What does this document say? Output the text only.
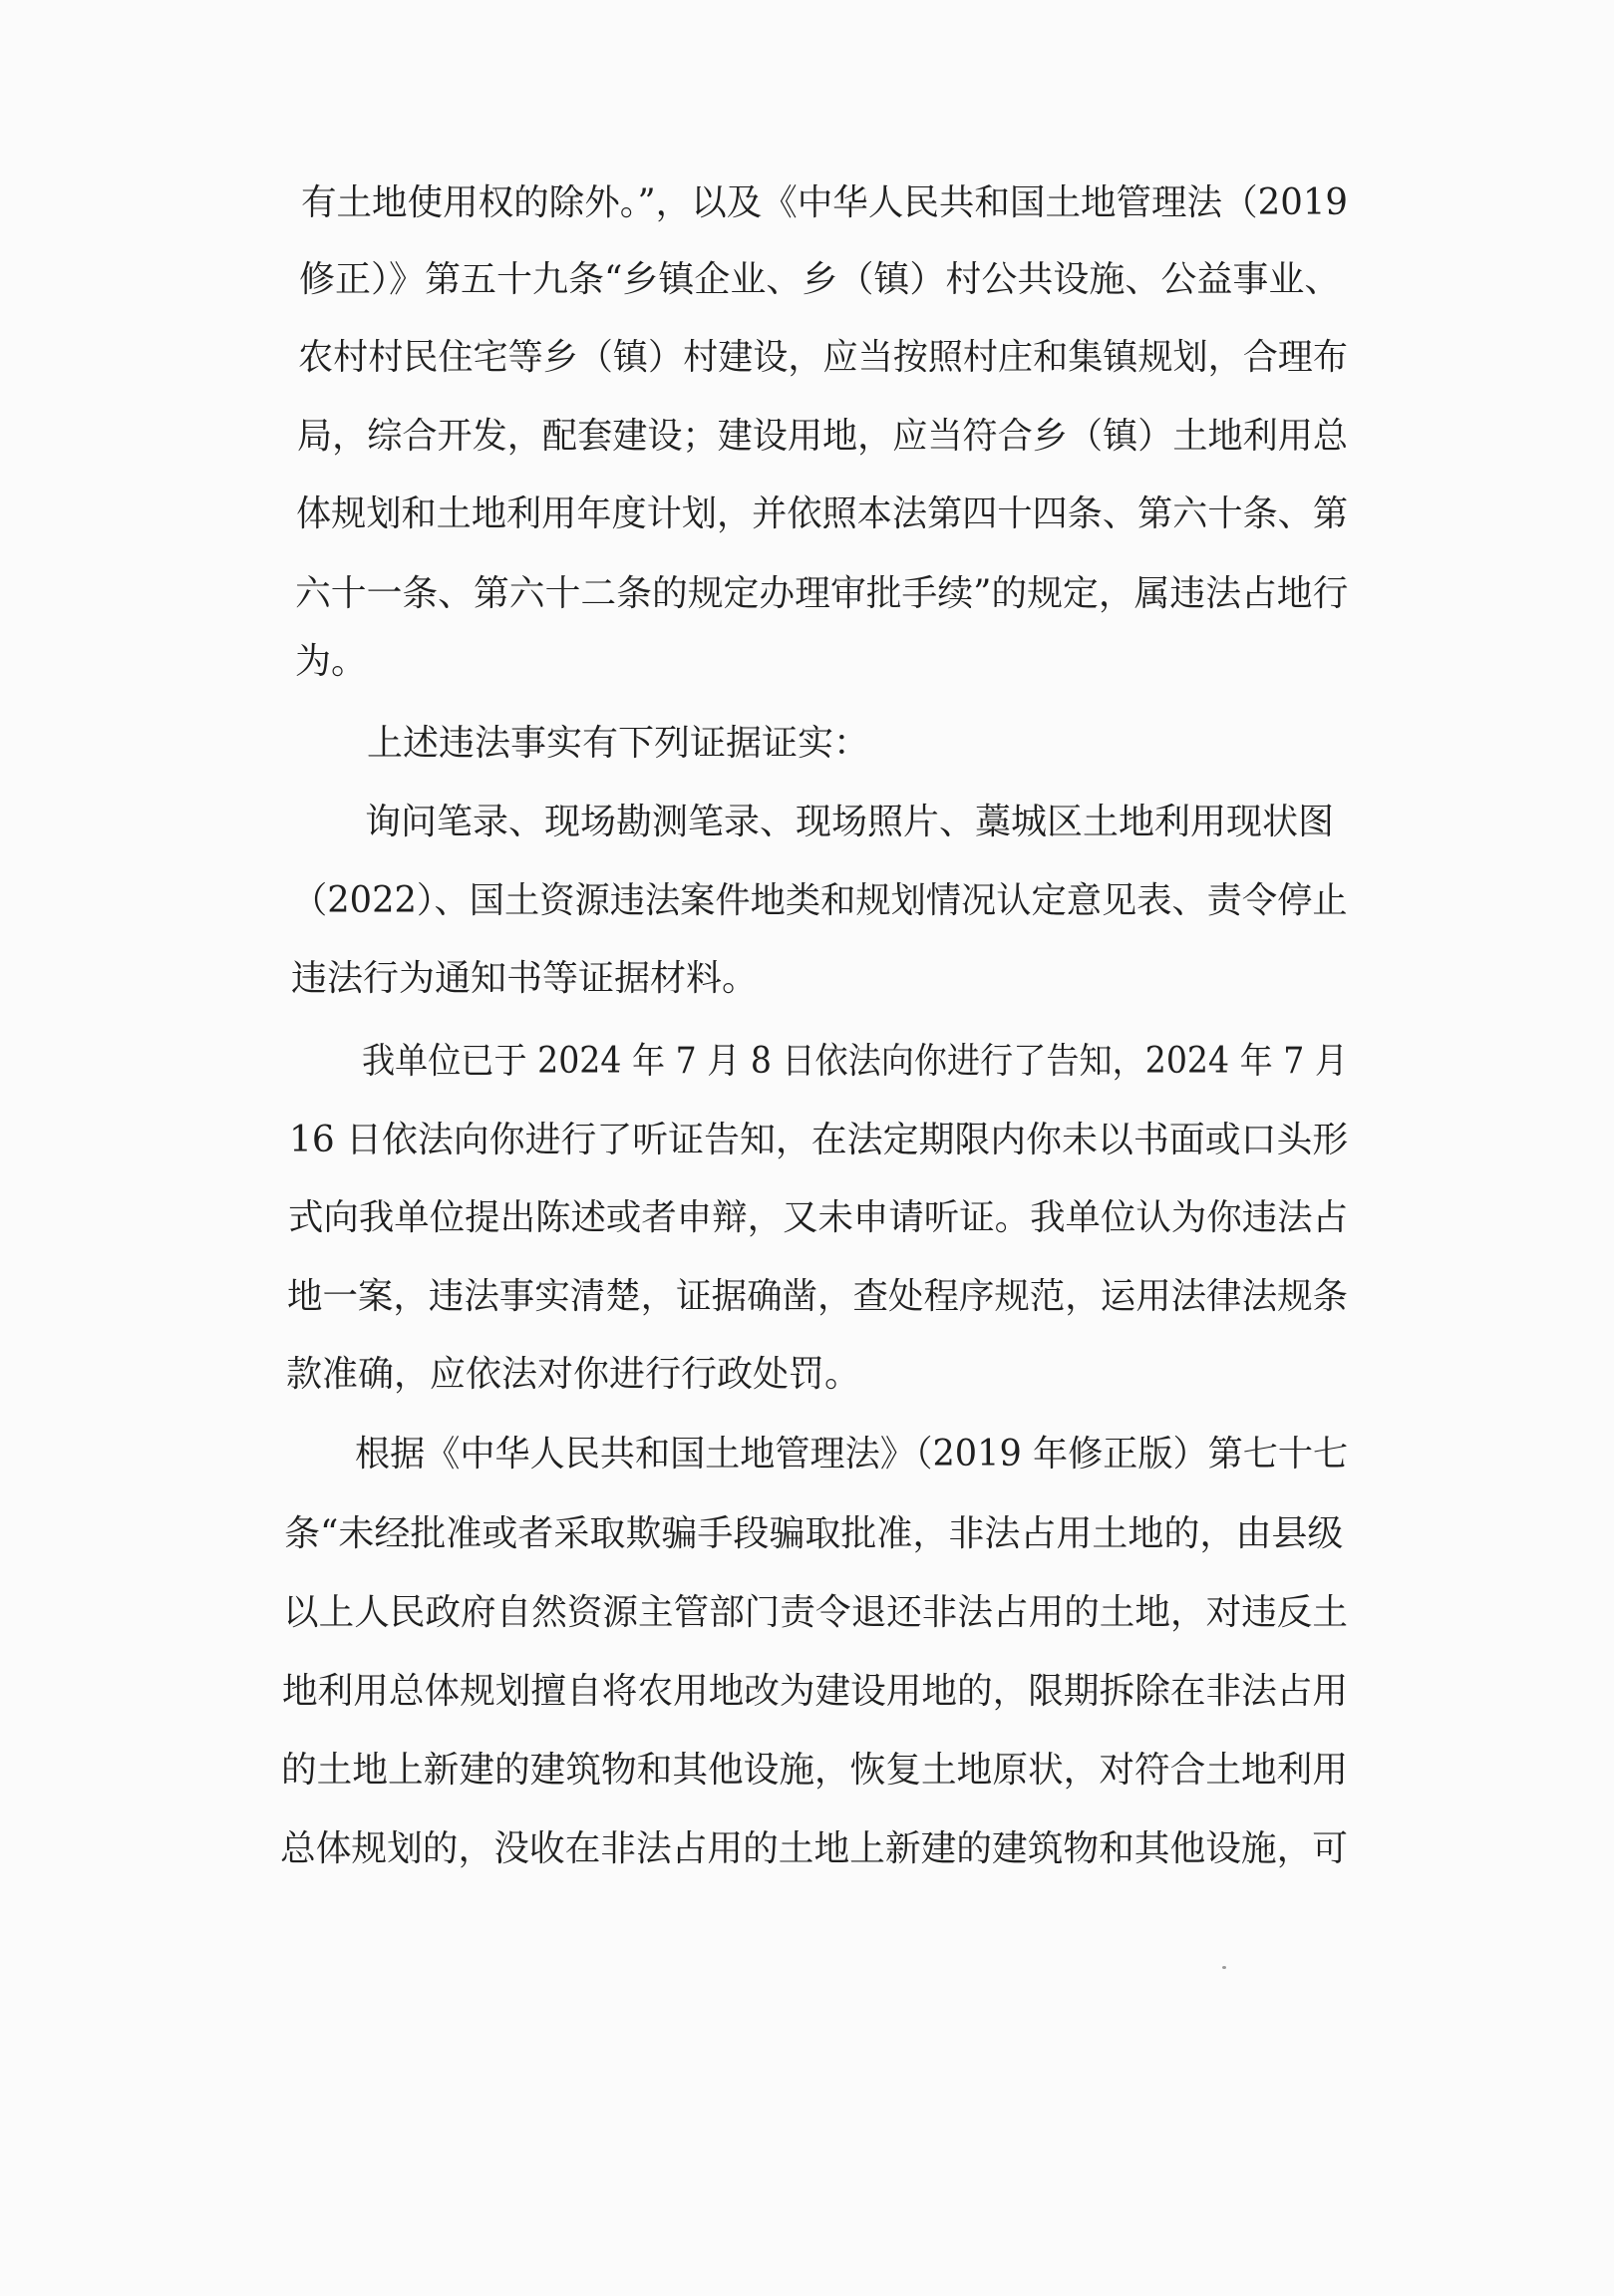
有土地使用权的除外。”，以及《中华人民共和国土地管理法（2019
修正）》第五十九条“乡镇企业、乡（镇）村公共设施、公益事业、
农村村民住宅等乡（镇）村建设，应当按照村庄和集镇规划，合理布
局，综合开发，配套建设；建设用地，应当符合乡（镇）土地利用总
体规划和土地利用年度计划，并依照本法第四十四条、第六十条、第
六十一条、第六十二条的规定办理审批手续”的规定，属违法占地行
为。
上述违法事实有下列证据证实：
询问笔录、现场勘测笔录、现场照片、藁城区土地利用现状图
（2022）、国土资源违法案件地类和规划情况认定意见表、责令停止
违法行为通知书等证据材料。
我单位已于 2024 年 7 月 8 日依法向你进行了告知，2024 年 7 月
16 日依法向你进行了听证告知，在法定期限内你未以书面或口头形
式向我单位提出陈述或者申辩，又未申请听证。我单位认为你违法占
地一案，违法事实清楚，证据确凿，查处程序规范，运用法律法规条
款准确，应依法对你进行行政处罚。
根据《中华人民共和国土地管理法》（2019 年修正版）第七十七
条“未经批准或者采取欺骗手段骗取批准，非法占用土地的，由县级
以上人民政府自然资源主管部门责令退还非法占用的土地，对违反土
地利用总体规划擅自将农用地改为建设用地的，限期拆除在非法占用
的土地上新建的建筑物和其他设施，恢复土地原状，对符合土地利用
总体规划的，没收在非法占用的土地上新建的建筑物和其他设施，可
